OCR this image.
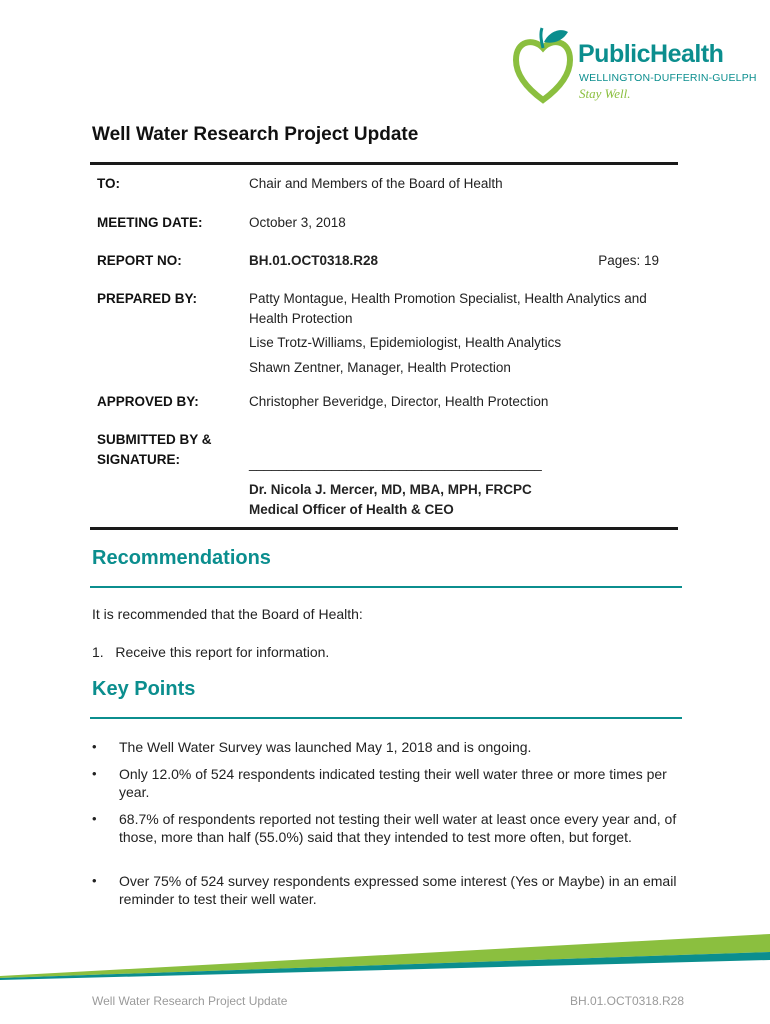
PublicHealth
WELLINGTON-DUFFERIN-GUELPH
Stay Well.
Well Water Research Project Update
TO:	Chair and Members of the Board of Health
MEETING DATE:	October 3, 2018
REPORT NO:	BH.01.OCT0318.R28	Pages: 19
PREPARED BY:	Patty Montague, Health Promotion Specialist, Health Analytics and Health Protection
Lise Trotz-Williams, Epidemiologist, Health Analytics
Shawn Zentner, Manager, Health Protection
APPROVED BY:	Christopher Beveridge, Director, Health Protection
SUBMITTED BY &
SIGNATURE:	_______________________________________
Dr. Nicola J. Mercer, MD, MBA, MPH, FRCPC
Medical Officer of Health & CEO
Recommendations

It is recommended that the Board of Health:

1.   Receive this report for information.

Key Points
• The Well Water Survey was launched May 1, 2018 and is ongoing.
• Only 12.0% of 524 respondents indicated testing their well water three or more times per year.
• 68.7% of respondents reported not testing their well water at least once every year and, of those, more than half (55.0%) said that they intended to test more often, but forget.
• Over 75% of 524 survey respondents expressed some interest (Yes or Maybe) in an email reminder to test their well water.
Well Water Research Project Update	BH.01.OCT0318.R28
